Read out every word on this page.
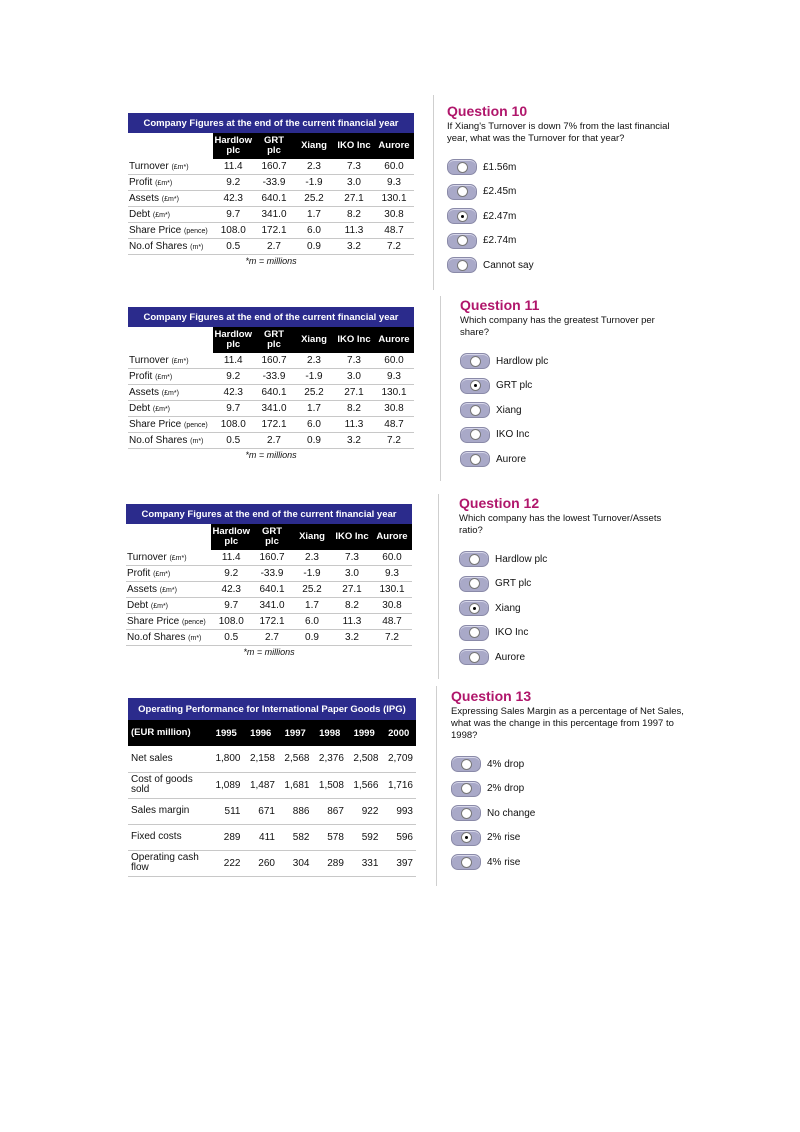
Company Figures at the end of the current financial year					
	Hardlow plc	GRT plc	Xiang	IKO Inc	Aurore
Turnover (£m*)	11.4	160.7	2.3	7.3	60.0
Profit (£m*)	9.2	-33.9	-1.9	3.0	9.3
Assets (£m*)	42.3	640.1	25.2	27.1	130.1
Debt (£m*)	9.7	341.0	1.7	8.2	30.8
Share Price (pence)	108.0	172.1	6.0	11.3	48.7
No.of Shares (m*)	0.5	2.7	0.9	3.2	7.2
*m = millions
Company Figures at the end of the current financial year					
	Hardlow plc	GRT plc	Xiang	IKO Inc	Aurore
Turnover (£m*)	11.4	160.7	2.3	7.3	60.0
Profit (£m*)	9.2	-33.9	-1.9	3.0	9.3
Assets (£m*)	42.3	640.1	25.2	27.1	130.1
Debt (£m*)	9.7	341.0	1.7	8.2	30.8
Share Price (pence)	108.0	172.1	6.0	11.3	48.7
No.of Shares (m*)	0.5	2.7	0.9	3.2	7.2
*m = millions
Company Figures at the end of the current financial year					
	Hardlow plc	GRT plc	Xiang	IKO Inc	Aurore
Turnover (£m*)	11.4	160.7	2.3	7.3	60.0
Profit (£m*)	9.2	-33.9	-1.9	3.0	9.3
Assets (£m*)	42.3	640.1	25.2	27.1	130.1
Debt (£m*)	9.7	341.0	1.7	8.2	30.8
Share Price (pence)	108.0	172.1	6.0	11.3	48.7
No.of Shares (m*)	0.5	2.7	0.9	3.2	7.2
*m = millions
Operating Performance for International Paper Goods (IPG)						
(EUR million)	1995	1996	1997	1998	1999	2000
Net sales	1,800	2,158	2,568	2,376	2,508	2,709
Cost of goods sold	1,089	1,487	1,681	1,508	1,566	1,716
Sales margin	511	671	886	867	922	993
Fixed costs	289	411	582	578	592	596
Operating cash flow	222	260	304	289	331	397
Question 10
If Xiang's Turnover is down 7% from the last financial year, what was the Turnover for that year?
£1.56m
£2.45m
£2.47m
£2.74m
Cannot say
Question 11
Which company has the greatest Turnover per share?
Hardlow plc
GRT plc
Xiang
IKO Inc
Aurore
Question 12
Which company has the lowest Turnover/Assets ratio?
Hardlow plc
GRT plc
Xiang
IKO Inc
Aurore
Question 13
Expressing Sales Margin as a percentage of Net Sales, what was the change in this percentage from 1997 to 1998?
4% drop
2% drop
No change
2% rise
4% rise
